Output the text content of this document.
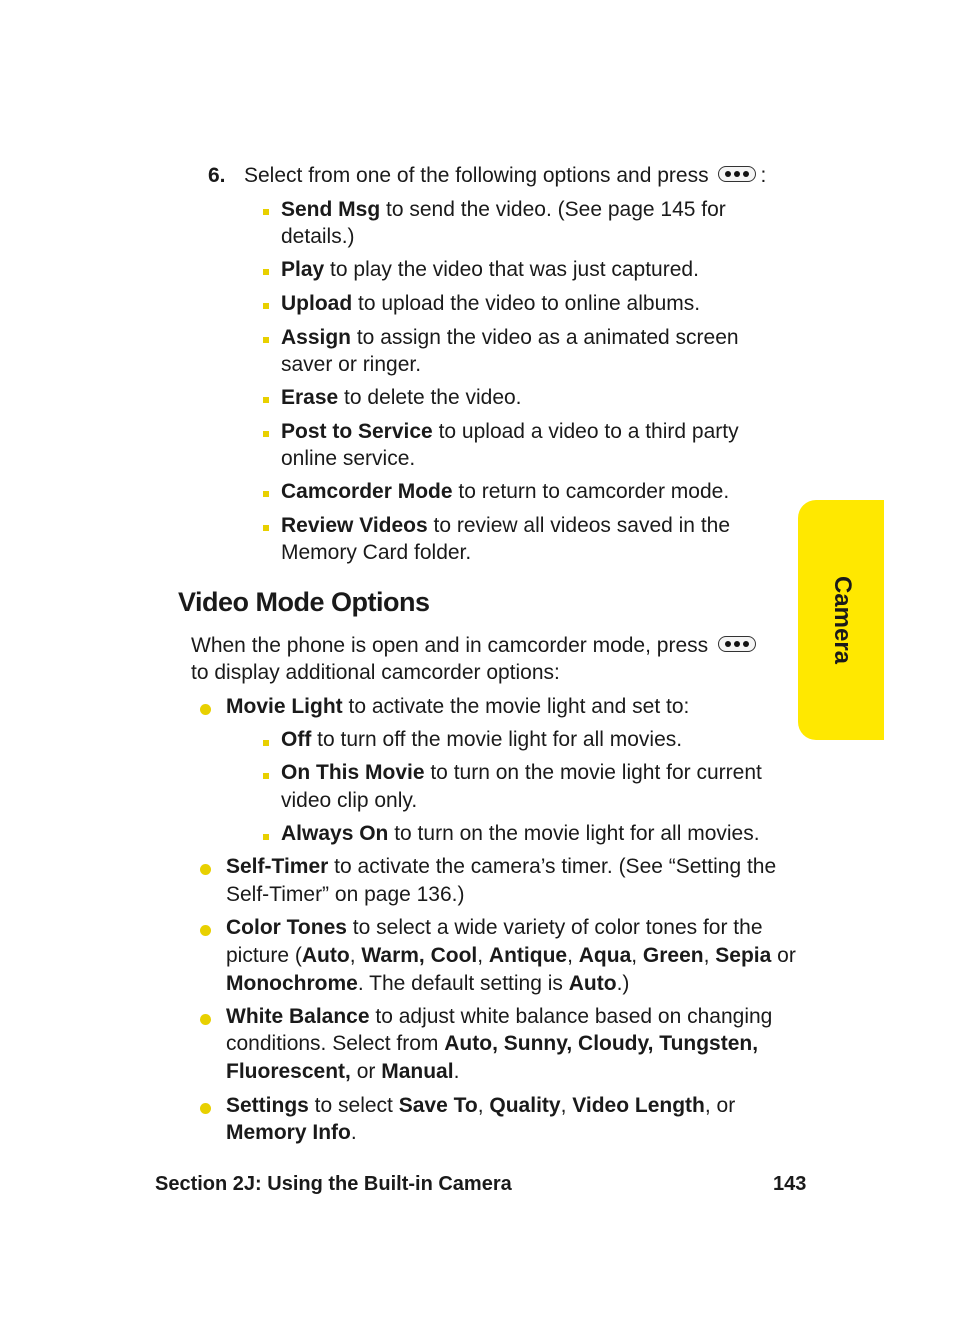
6. Select from one of the following options and press :
Send Msg to send the video. (See page 145 for
details.)
Play to play the video that was just captured.
Upload to upload the video to online albums.
Assign to assign the video as a animated screen
saver or ringer.
Erase to delete the video.
Post to Service to upload a video to a third party
online service.
Camcorder Mode to return to camcorder mode.
Review Videos to review all videos saved in the
Memory Card folder.
Video Mode Options
When the phone is open and in camcorder mode, press
to display additional camcorder options:
Movie Light to activate the movie light and set to:
Off to turn off the movie light for all movies.
On This Movie to turn on the movie light for current
video clip only.
Always On to turn on the movie light for all movies.
Self-Timer to activate the camera’s timer. (See “Setting the
Self-Timer” on page 136.)
Color Tones to select a wide variety of color tones for the
picture (Auto, Warm, Cool, Antique, Aqua, Green, Sepia or
Monochrome. The default setting is Auto.)
White Balance to adjust white balance based on changing
conditions. Select from Auto, Sunny, Cloudy, Tungsten,
Fluorescent, or Manual.
Settings to select Save To, Quality, Video Length, or
Memory Info.
Camera
Section 2J: Using the Built-in Camera	143
